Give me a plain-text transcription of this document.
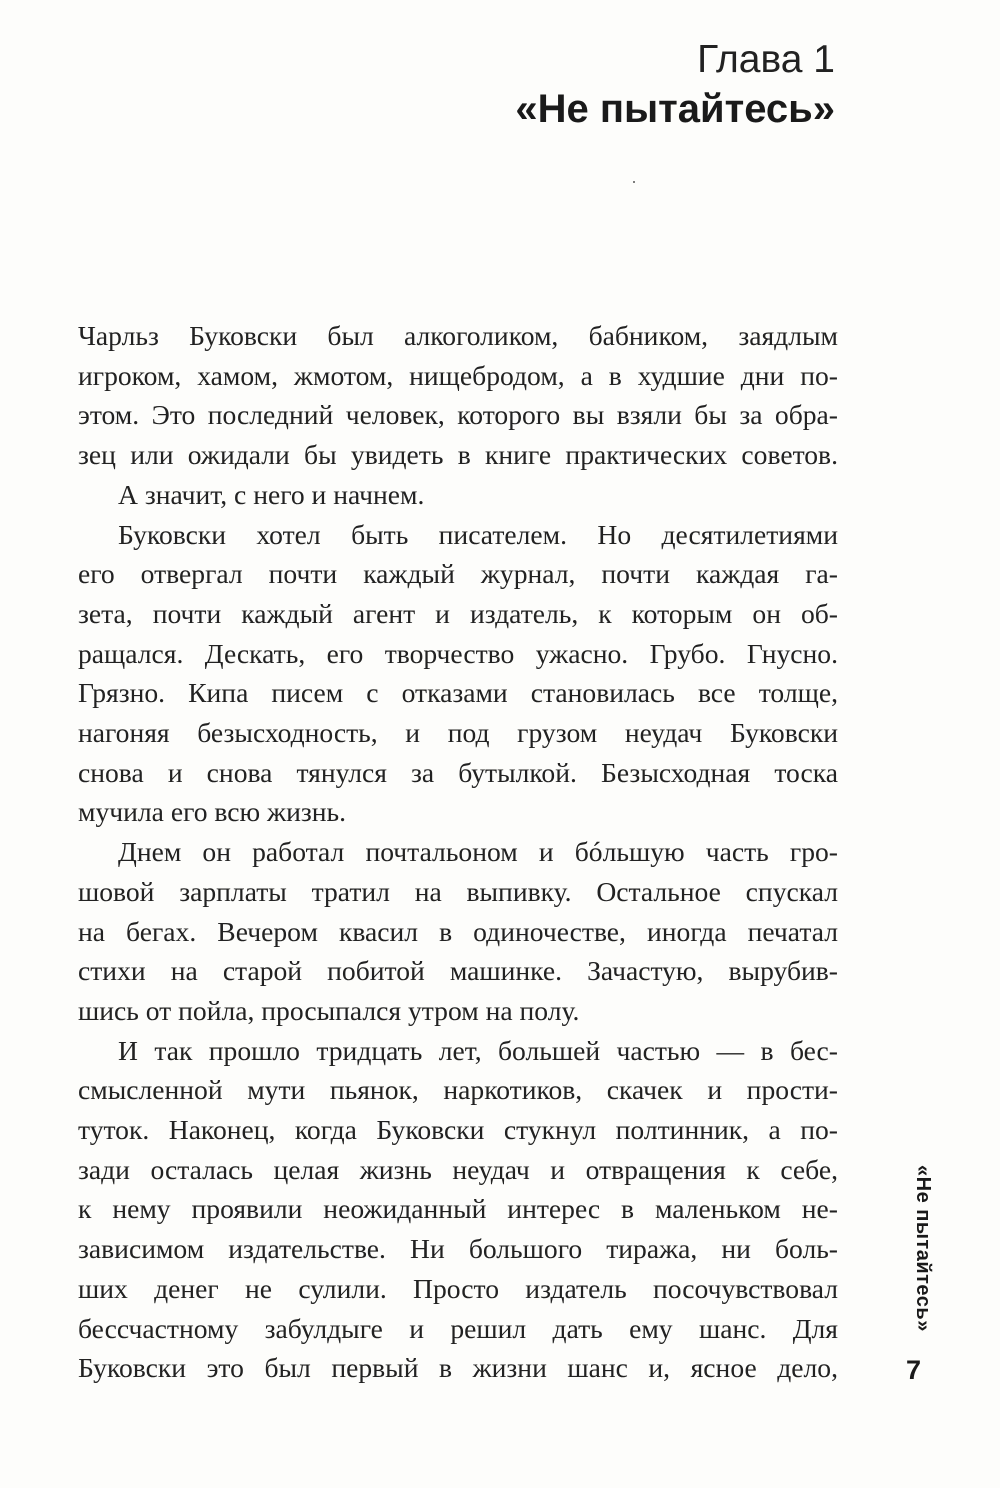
Глава 1
«Не пытайтесь»
Чарльз Буковски был алкоголиком, бабником, заядлым
игроком, хамом, жмотом, нищебродом, а в худшие дни по-
этом. Это последний человек, которого вы взяли бы за обра-
зец или ожидали бы увидеть в книге практических советов.
А значит, с него и начнем.
Буковски хотел быть писателем. Но десятилетиями
его отвергал почти каждый журнал, почти каждая га-
зета, почти каждый агент и издатель, к которым он об-
ращался. Дескать, его творчество ужасно. Грубо. Гнусно.
Грязно. Кипа писем с отказами становилась все толще,
нагоняя безысходность, и под грузом неудач Буковски
снова и снова тянулся за бутылкой. Безысходная тоска
мучила его всю жизнь.
Днем он работал почтальоном и бóльшую часть гро-
шовой зарплаты тратил на выпивку. Остальное спускал
на бегах. Вечером квасил в одиночестве, иногда печатал
стихи на старой побитой машинке. Зачастую, вырубив-
шись от пойла, просыпался утром на полу.
И так прошло тридцать лет, большей частью — в бес-
смысленной мути пьянок, наркотиков, скачек и прости-
туток. Наконец, когда Буковски стукнул полтинник, а по-
зади осталась целая жизнь неудач и отвращения к себе,
к нему проявили неожиданный интерес в маленьком не-
зависимом издательстве. Ни большого тиража, ни боль-
ших денег не сулили. Просто издатель посочувствовал
бессчастному забулдыге и решил дать ему шанс. Для
Буковски это был первый в жизни шанс и, ясное дело,
«Не пытайтесь»
7
